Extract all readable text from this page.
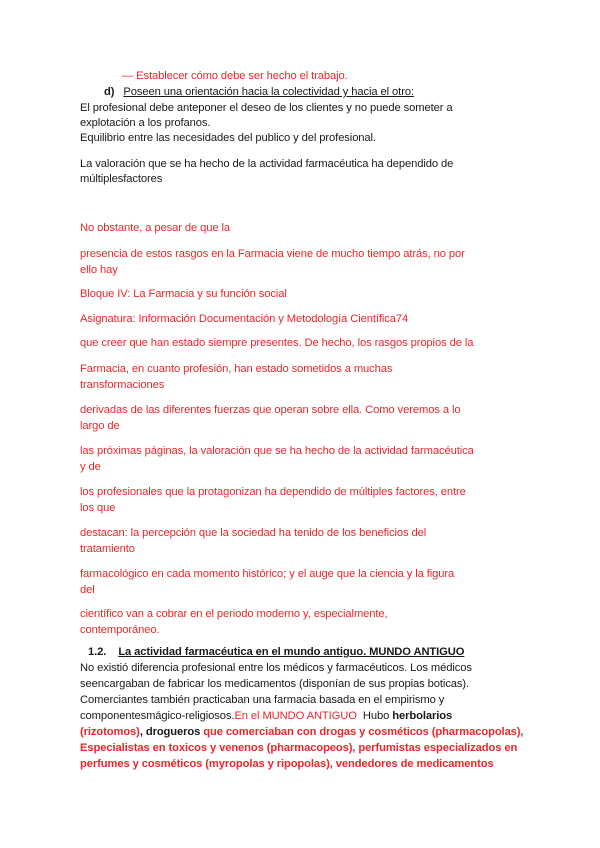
— Establecer cómo debe ser hecho el trabajo.
d) Poseen una orientación hacia la colectividad y hacia el otro:
El profesional debe anteponer el deseo de los clientes y no puede someter a
explotación a los profanos.
Equilibrio entre las necesidades del publico y del profesional.
La valoración que se ha hecho de la actividad farmacéutica ha dependido de
múltiplesfactores
No obstante, a pesar de que la
presencia de estos rasgos en la Farmacia viene de mucho tiempo atrás, no por
ello hay
Bloque IV: La Farmacia y su función social
Asignatura: Información Documentación y Metodología Científica74
que creer que han estado siempre presentes. De hecho, los rasgos propios de la
Farmacia, en cuanto profesión, han estado sometidos a muchas
transformaciones
derivadas de las diferentes fuerzas que operan sobre ella. Como veremos a lo
largo de
las próximas páginas, la valoración que se ha hecho de la actividad farmacéutica
y de
los profesionales que la protagonizan ha dependido de múltiples factores, entre
los que
destacan: la percepción que la sociedad ha tenido de los beneficios del
tratamiento
farmacológico en cada momento histórico; y el auge que la ciencia y la figura
del
científico van a cobrar en el periodo moderno y, especialmente,
contemporáneo.
1.2. La actividad farmacéutica en el mundo antiguo. MUNDO ANTIGUO
No existió diferencia profesional entre los médicos y farmacéuticos. Los médicos
seencargaban de fabricar los medicamentos (disponían de sus propias boticas).
Comerciantes también practicaban una farmacia basada en el empirismo y
componentesmágico-religiosos.En el MUNDO ANTIGUO  Hubo herbolarios
(rizotomos), drogueros que comerciaban con drogas y cosméticos (pharmacopolas),
Especialistas en toxicos y venenos (pharmacopeos), perfumistas especializados en
perfumes y cosméticos (myropolas y ripopolas), vendedores de medicamentos
